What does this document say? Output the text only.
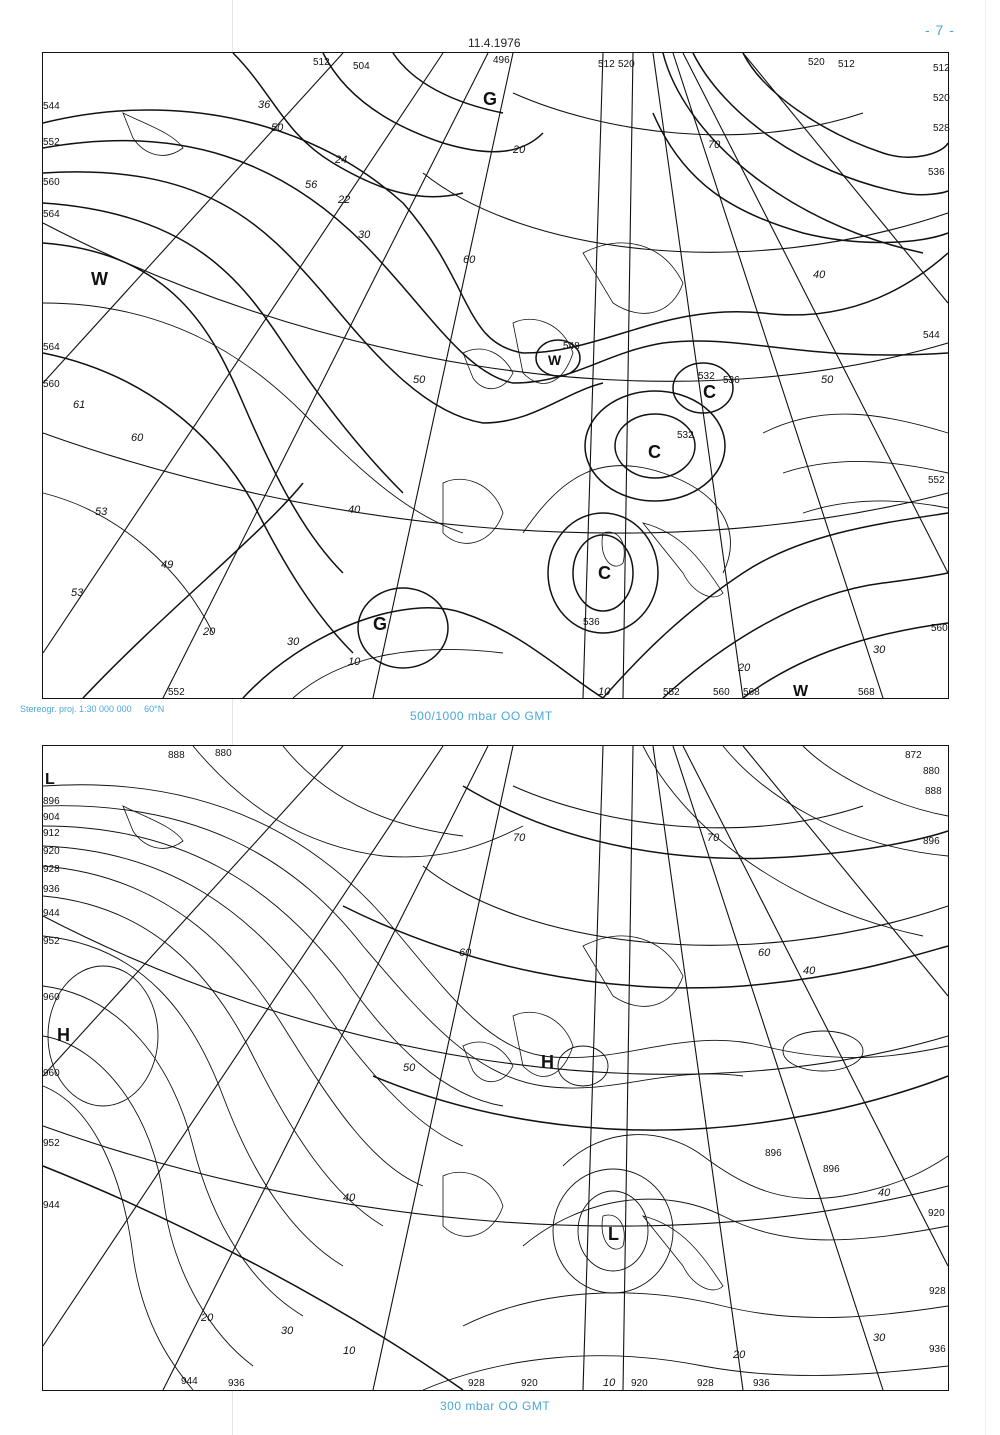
- 7 -
11.4.1976
W
G
W
C
C
C
G
W
512 504
496	512 520	520 512	512
520
528
536
544
552
560
544
552
560
564
564
560
548
532
532
536
552	552	560 568	568
536
36
50
24
22
56
30
60
50
40
60
61
53
53
49
20
30
10
20	70
40
50
30
20
10
Stereogr. proj. 1:30 000 000 60°N	500/1000 mbar OO GMT
H
H
L
L
896
904
912
920
928
936
944
952
960
960
952
944
888	880	872
880
888
896
896
896
920
928
936
936
944	928	920	920	928	936
70
60
50
40
30
20
10
70
60
40
40
30
20
10
300 mbar OO GMT
